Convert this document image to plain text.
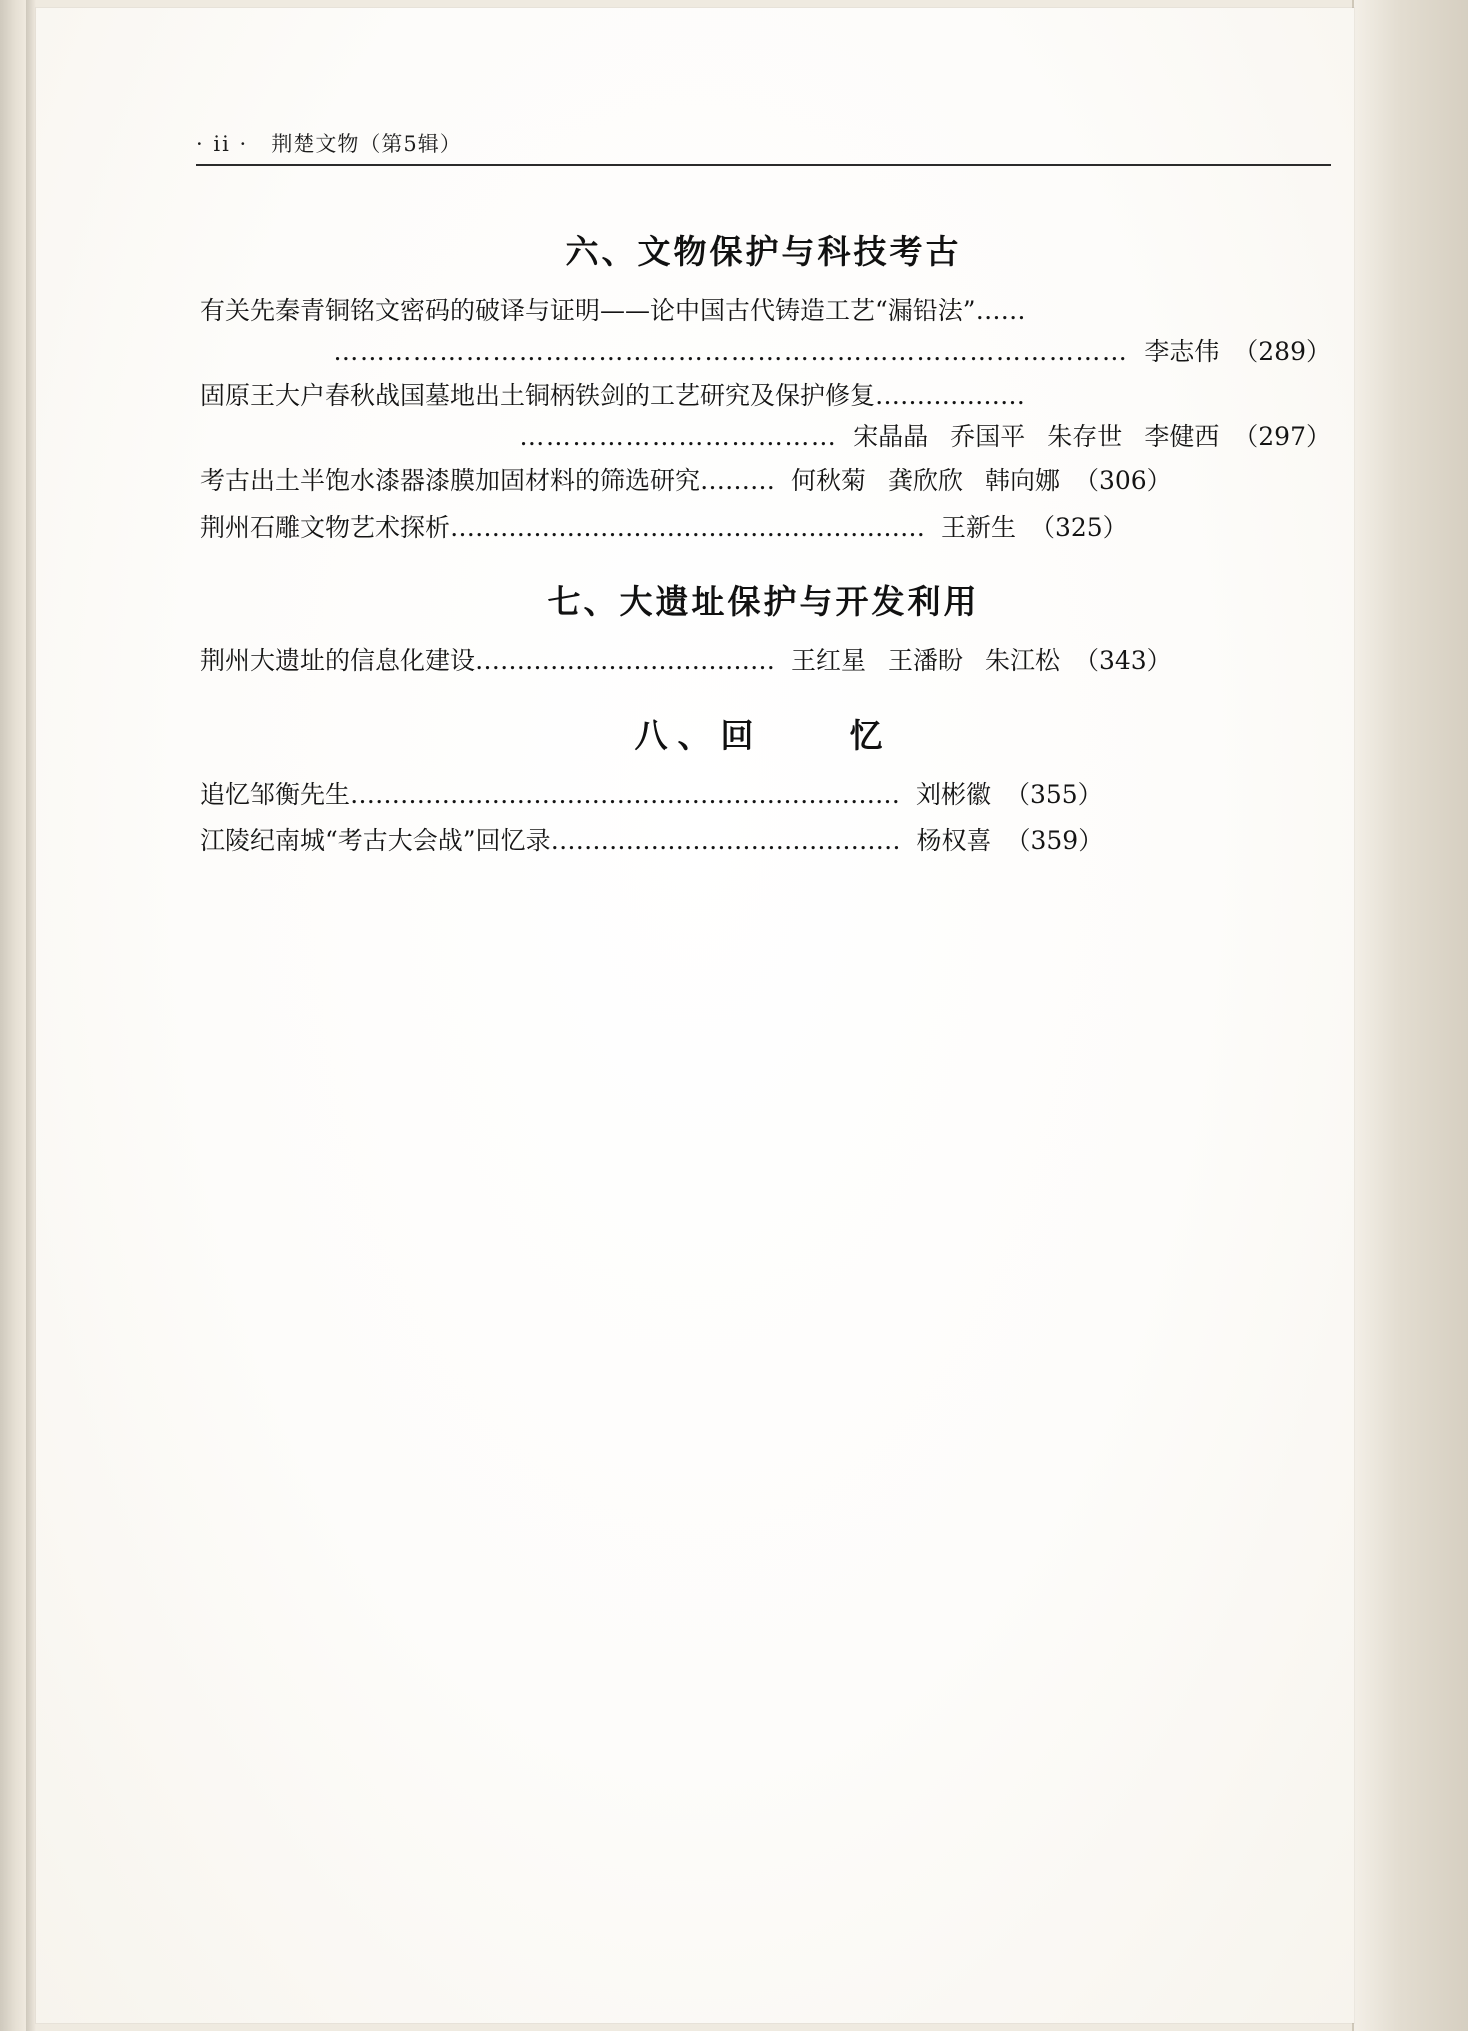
· ii · 荆楚文物（第5辑）
六、文物保护与科技考古
有关先秦青铜铭文密码的破译与证明——论中国古代铸造工艺“漏铅法”……
……………………………………………………………………………… 李志伟 （289）
固原王大户春秋战国墓地出土铜柄铁剑的工艺研究及保护修复………………
……………………………… 宋晶晶 乔国平 朱存世 李健西 （297）
考古出土半饱水漆器漆膜加固材料的筛选研究……… 何秋菊 龚欣欣 韩向娜 （306）
荆州石雕文物艺术探析………………………………………………… 王新生 （325）
七、大遗址保护与开发利用
荆州大遗址的信息化建设……………………………… 王红星 王潘盼 朱江松 （343）
八、回　　忆
追忆邹衡先生………………………………………………………… 刘彬徽 （355）
江陵纪南城“考古大会战”回忆录…………………………………… 杨权喜 （359）
